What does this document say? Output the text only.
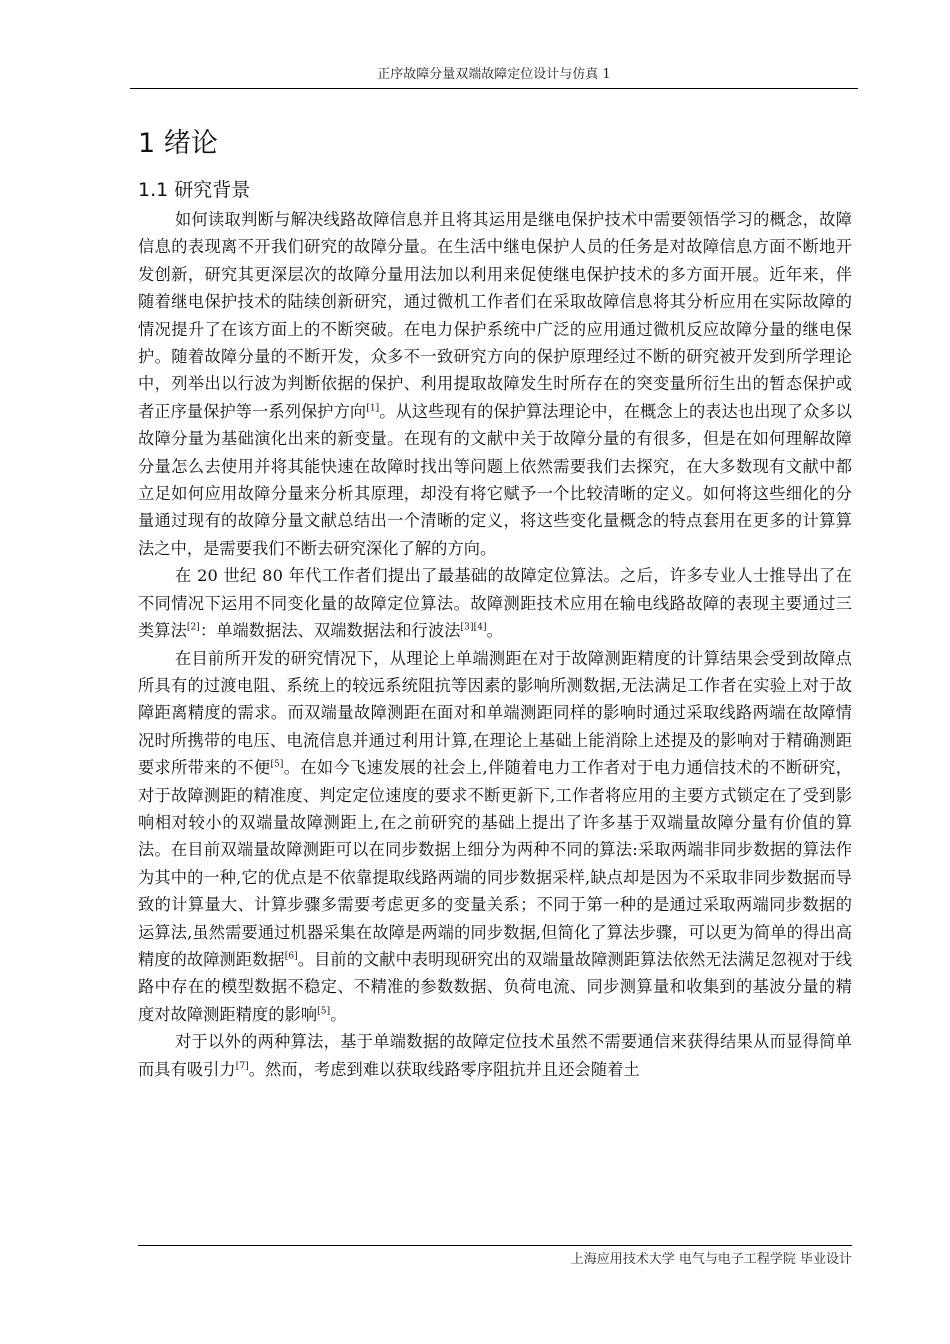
正序故障分量双端故障定位设计与仿真 1
1 绪论
1.1 研究背景

如何读取判断与解决线路故障信息并且将其运用是继电保护技术中需要领悟学习的概念，故障信息的表现离不开我们研究的故障分量。在生活中继电保护人员的任务是对故障信息方面不断地开发创新，研究其更深层次的故障分量用法加以利用来促使继电保护技术的多方面开展。近年来，伴随着继电保护技术的陆续创新研究，通过微机工作者们在采取故障信息将其分析应用在实际故障的情况提升了在该方面上的不断突破。在电力保护系统中广泛的应用通过微机反应故障分量的继电保护。随着故障分量的不断开发，众多不一致研究方向的保护原理经过不断的研究被开发到所学理论中，列举出以行波为判断依据的保护、利用提取故障发生时所存在的突变量所衍生出的暂态保护或者正序量保护等一系列保护方向[1]。从这些现有的保护算法理论中，在概念上的表达也出现了众多以故障分量为基础演化出来的新变量。在现有的文献中关于故障分量的有很多，但是在如何理解故障分量怎么去使用并将其能快速在故障时找出等问题上依然需要我们去探究，在大多数现有文献中都立足如何应用故障分量来分析其原理，却没有将它赋予一个比较清晰的定义。如何将这些细化的分量通过现有的故障分量文献总结出一个清晰的定义，将这些变化量概念的特点套用在更多的计算算法之中，是需要我们不断去研究深化了解的方向。

在 20 世纪 80 年代工作者们提出了最基础的故障定位算法。之后，许多专业人士推导出了在不同情况下运用不同变化量的故障定位算法。故障测距技术应用在输电线路故障的表现主要通过三类算法[2]：单端数据法、双端数据法和行波法[3][4]。

在目前所开发的研究情况下，从理论上单端测距在对于故障测距精度的计算结果会受到故障点所具有的过渡电阻、系统上的较远系统阻抗等因素的影响所测数据,无法满足工作者在实验上对于故障距离精度的需求。而双端量故障测距在面对和单端测距同样的影响时通过采取线路两端在故障情况时所携带的电压、电流信息并通过利用计算,在理论上基础上能消除上述提及的影响对于精确测距要求所带来的不便[5]。在如今飞速发展的社会上,伴随着电力工作者对于电力通信技术的不断研究，对于故障测距的精准度、判定定位速度的要求不断更新下,工作者将应用的主要方式锁定在了受到影响相对较小的双端量故障测距上,在之前研究的基础上提出了许多基于双端量故障分量有价值的算法。在目前双端量故障测距可以在同步数据上细分为两种不同的算法:采取两端非同步数据的算法作为其中的一种,它的优点是不依靠提取线路两端的同步数据采样,缺点却是因为不采取非同步数据而导致的计算量大、计算步骤多需要考虑更多的变量关系；不同于第一种的是通过采取两端同步数据的运算法,虽然需要通过机器采集在故障是两端的同步数据,但简化了算法步骤，可以更为简单的得出高精度的故障测距数据[6]。目前的文献中表明现研究出的双端量故障测距算法依然无法满足忽视对于线路中存在的模型数据不稳定、不精准的参数数据、负荷电流、同步测算量和收集到的基波分量的精度对故障测距精度的影响[5]。

对于以外的两种算法，基于单端数据的故障定位技术虽然不需要通信来获得结果从而显得简单而具有吸引力[7]。然而，考虑到难以获取线路零序阻抗并且还会随着土

上海应用技术大学 电气与电子工程学院 毕业设计
